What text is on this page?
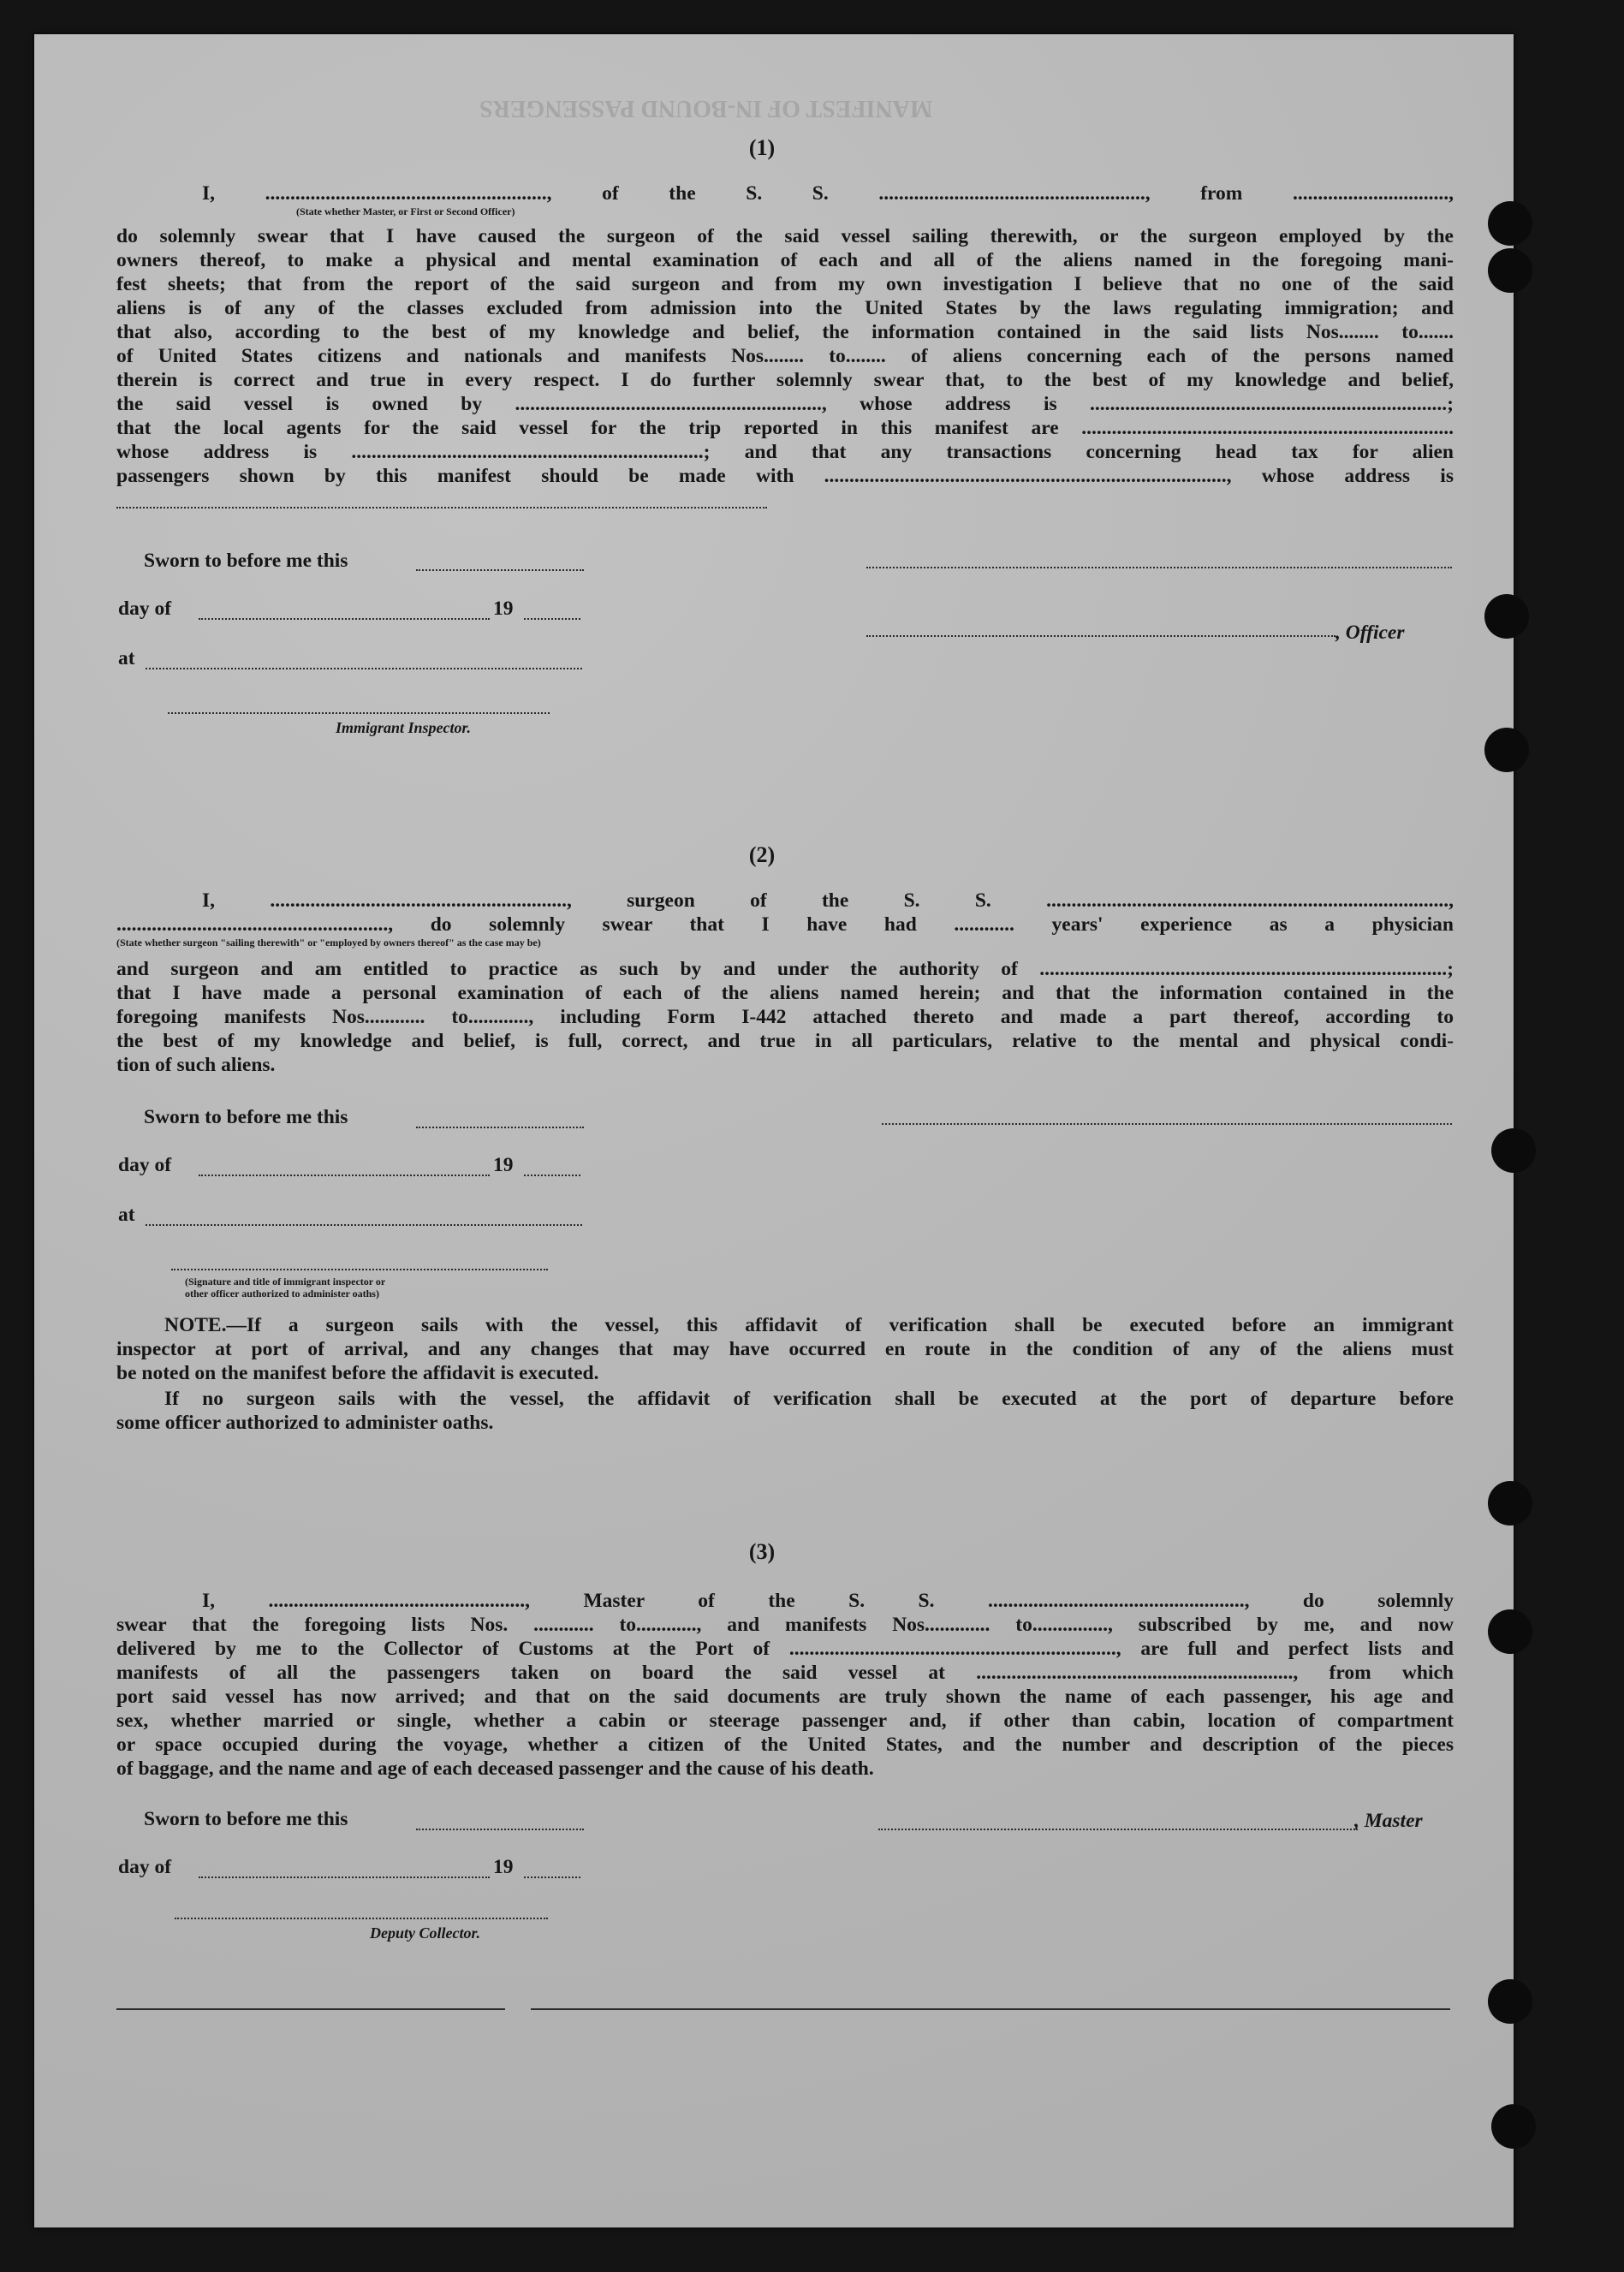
MANIFEST OF IN-BOUND PASSENGERS
(1)
I, ........................................................, of the S. S. ....................................................., from ...............................,
(State whether Master, or First or Second Officer)
do solemnly swear that I have caused the surgeon of the said vessel sailing therewith, or the surgeon employed by the
owners thereof, to make a physical and mental examination of each and all of the aliens named in the foregoing mani-
fest sheets; that from the report of the said surgeon and from my own investigation I believe that no one of the said
aliens is of any of the classes excluded from admission into the United States by the laws regulating immigration; and
that also, according to the best of my knowledge and belief, the information contained in the said lists Nos........ to.......
of United States citizens and nationals and manifests Nos........ to........ of aliens concerning each of the persons named
therein is correct and true in every respect. I do further solemnly swear that, to the best of my knowledge and belief,
the said vessel is owned by ............................................................., whose address is .......................................................................;
that the local agents for the said vessel for the trip reported in this manifest are ..........................................................................
whose address is ......................................................................; and that any transactions concerning head tax for alien
passengers shown by this manifest should be made with ................................................................................, whose address is
Sworn to before me this
day of	19
, Officer
at
Immigrant Inspector.
(2)
I, ..........................................................., surgeon of the S. S. ................................................................................,
......................................................, do solemnly swear that I have had ............ years' experience as a physician
(State whether surgeon "sailing therewith" or "employed by owners thereof" as the case may be)
and surgeon and am entitled to practice as such by and under the authority of .................................................................................;
that I have made a personal examination of each of the aliens named herein; and that the information contained in the
foregoing manifests Nos............ to............, including Form I-442 attached thereto and made a part thereof, according to
the best of my knowledge and belief, is full, correct, and true in all particulars, relative to the mental and physical condi-
tion of such aliens.
Sworn to before me this
day of	19
at
(Signature and title of immigrant inspector or
other officer authorized to administer oaths)
NOTE.—If a surgeon sails with the vessel, this affidavit of verification shall be executed before an immigrant
inspector at port of arrival, and any changes that may have occurred en route in the condition of any of the aliens must
be noted on the manifest before the affidavit is executed.
If no surgeon sails with the vessel, the affidavit of verification shall be executed at the port of departure before
some officer authorized to administer oaths.
(3)
I, ..................................................., Master of the S. S. ..................................................., do solemnly
swear that the foregoing lists Nos. ............ to............, and manifests Nos............. to..............., subscribed by me, and now
delivered by me to the Collector of Customs at the Port of ................................................................., are full and perfect lists and
manifests of all the passengers taken on board the said vessel at ..............................................................., from which
port said vessel has now arrived; and that on the said documents are truly shown the name of each passenger, his age and
sex, whether married or single, whether a cabin or steerage passenger and, if other than cabin, location of compartment
or space occupied during the voyage, whether a citizen of the United States, and the number and description of the pieces
of baggage, and the name and age of each deceased passenger and the cause of his death.
Sworn to before me this	, Master
day of	19
Deputy Collector.
